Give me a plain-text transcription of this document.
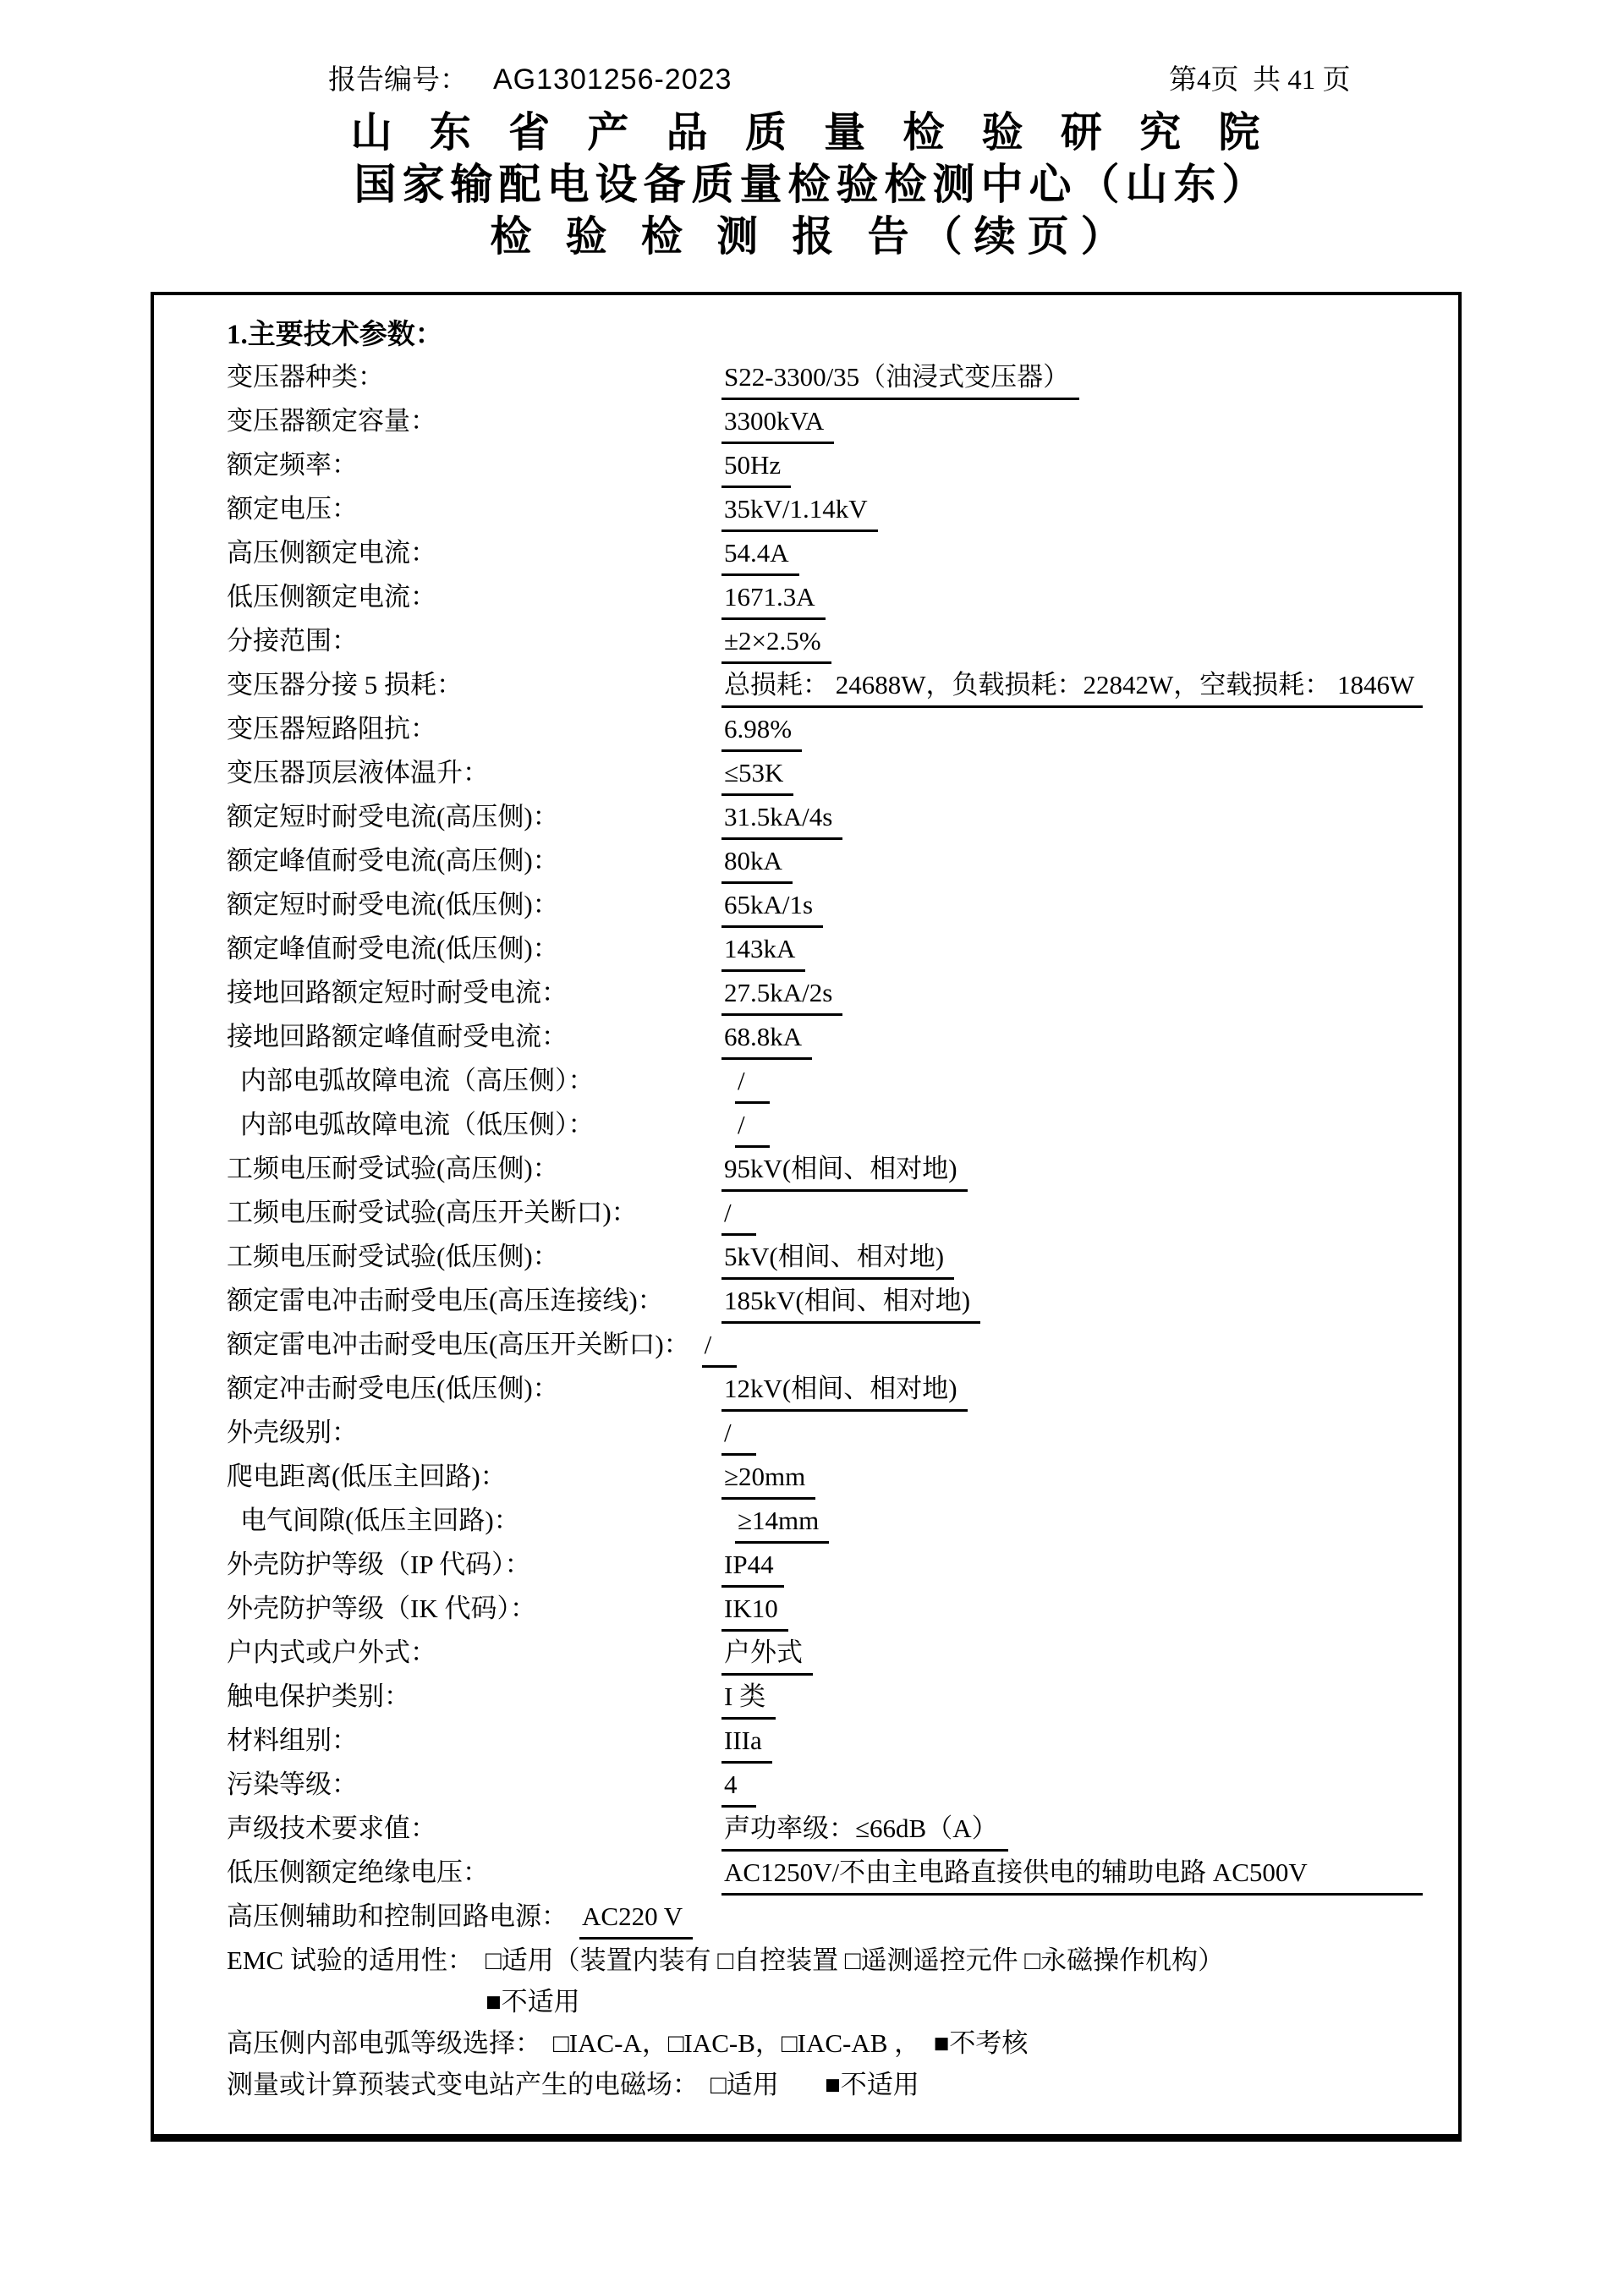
报告编号： AG1301256-2023	第4页  共 41 页
山 东 省 产 品 质 量 检 验 研 究 院
国家输配电设备质量检验检测中心（山东）
检 验 检 测 报 告（续页）

1.主要技术参数：

变压器种类：	S22-3300/35（油浸式变压器）
变压器额定容量：	3300kVA
额定频率：	50Hz
额定电压：	35kV/1.14kV
高压侧额定电流：	54.4A
低压侧额定电流：	1671.3A
分接范围：	±2×2.5%
变压器分接 5 损耗：	总损耗： 24688W，负载损耗：22842W，空载损耗： 1846W
变压器短路阻抗：	6.98%
变压器顶层液体温升：	≤53K
额定短时耐受电流(高压侧)：	31.5kA/4s
额定峰值耐受电流(高压侧)：	80kA
额定短时耐受电流(低压侧)：	65kA/1s
额定峰值耐受电流(低压侧)：	143kA
接地回路额定短时耐受电流：	27.5kA/2s
接地回路额定峰值耐受电流：	68.8kA
内部电弧故障电流（高压侧）：	/
内部电弧故障电流（低压侧）：	/
工频电压耐受试验(高压侧)：	95kV(相间、相对地)
工频电压耐受试验(高压开关断口)：	/
工频电压耐受试验(低压侧)：	5kV(相间、相对地)
额定雷电冲击耐受电压(高压连接线)：	185kV(相间、相对地)
额定雷电冲击耐受电压(高压开关断口)： /
额定冲击耐受电压(低压侧)：	12kV(相间、相对地)
外壳级别：	/
爬电距离(低压主回路)：	≥20mm
电气间隙(低压主回路)：	≥14mm
外壳防护等级（IP 代码）：	IP44
外壳防护等级（IK 代码）：	IK10
户内式或户外式：	户外式
触电保护类别：	I 类
材料组别：	IIIa
污染等级：	4
声级技术要求值：	声功率级：≤66dB（A）
低压侧额定绝缘电压：	AC1250V/不由主电路直接供电的辅助电路 AC500V
高压侧辅助和控制回路电源： AC220 V
EMC 试验的适用性： □适用（装置内装有 □自控装置 □遥测遥控元件 □永磁操作机构）
■不适用
高压侧内部电弧等级选择： □IAC-A，□IAC-B，□IAC-AB ，  ■不考核
测量或计算预装式变电站产生的电磁场： □适用       ■不适用
